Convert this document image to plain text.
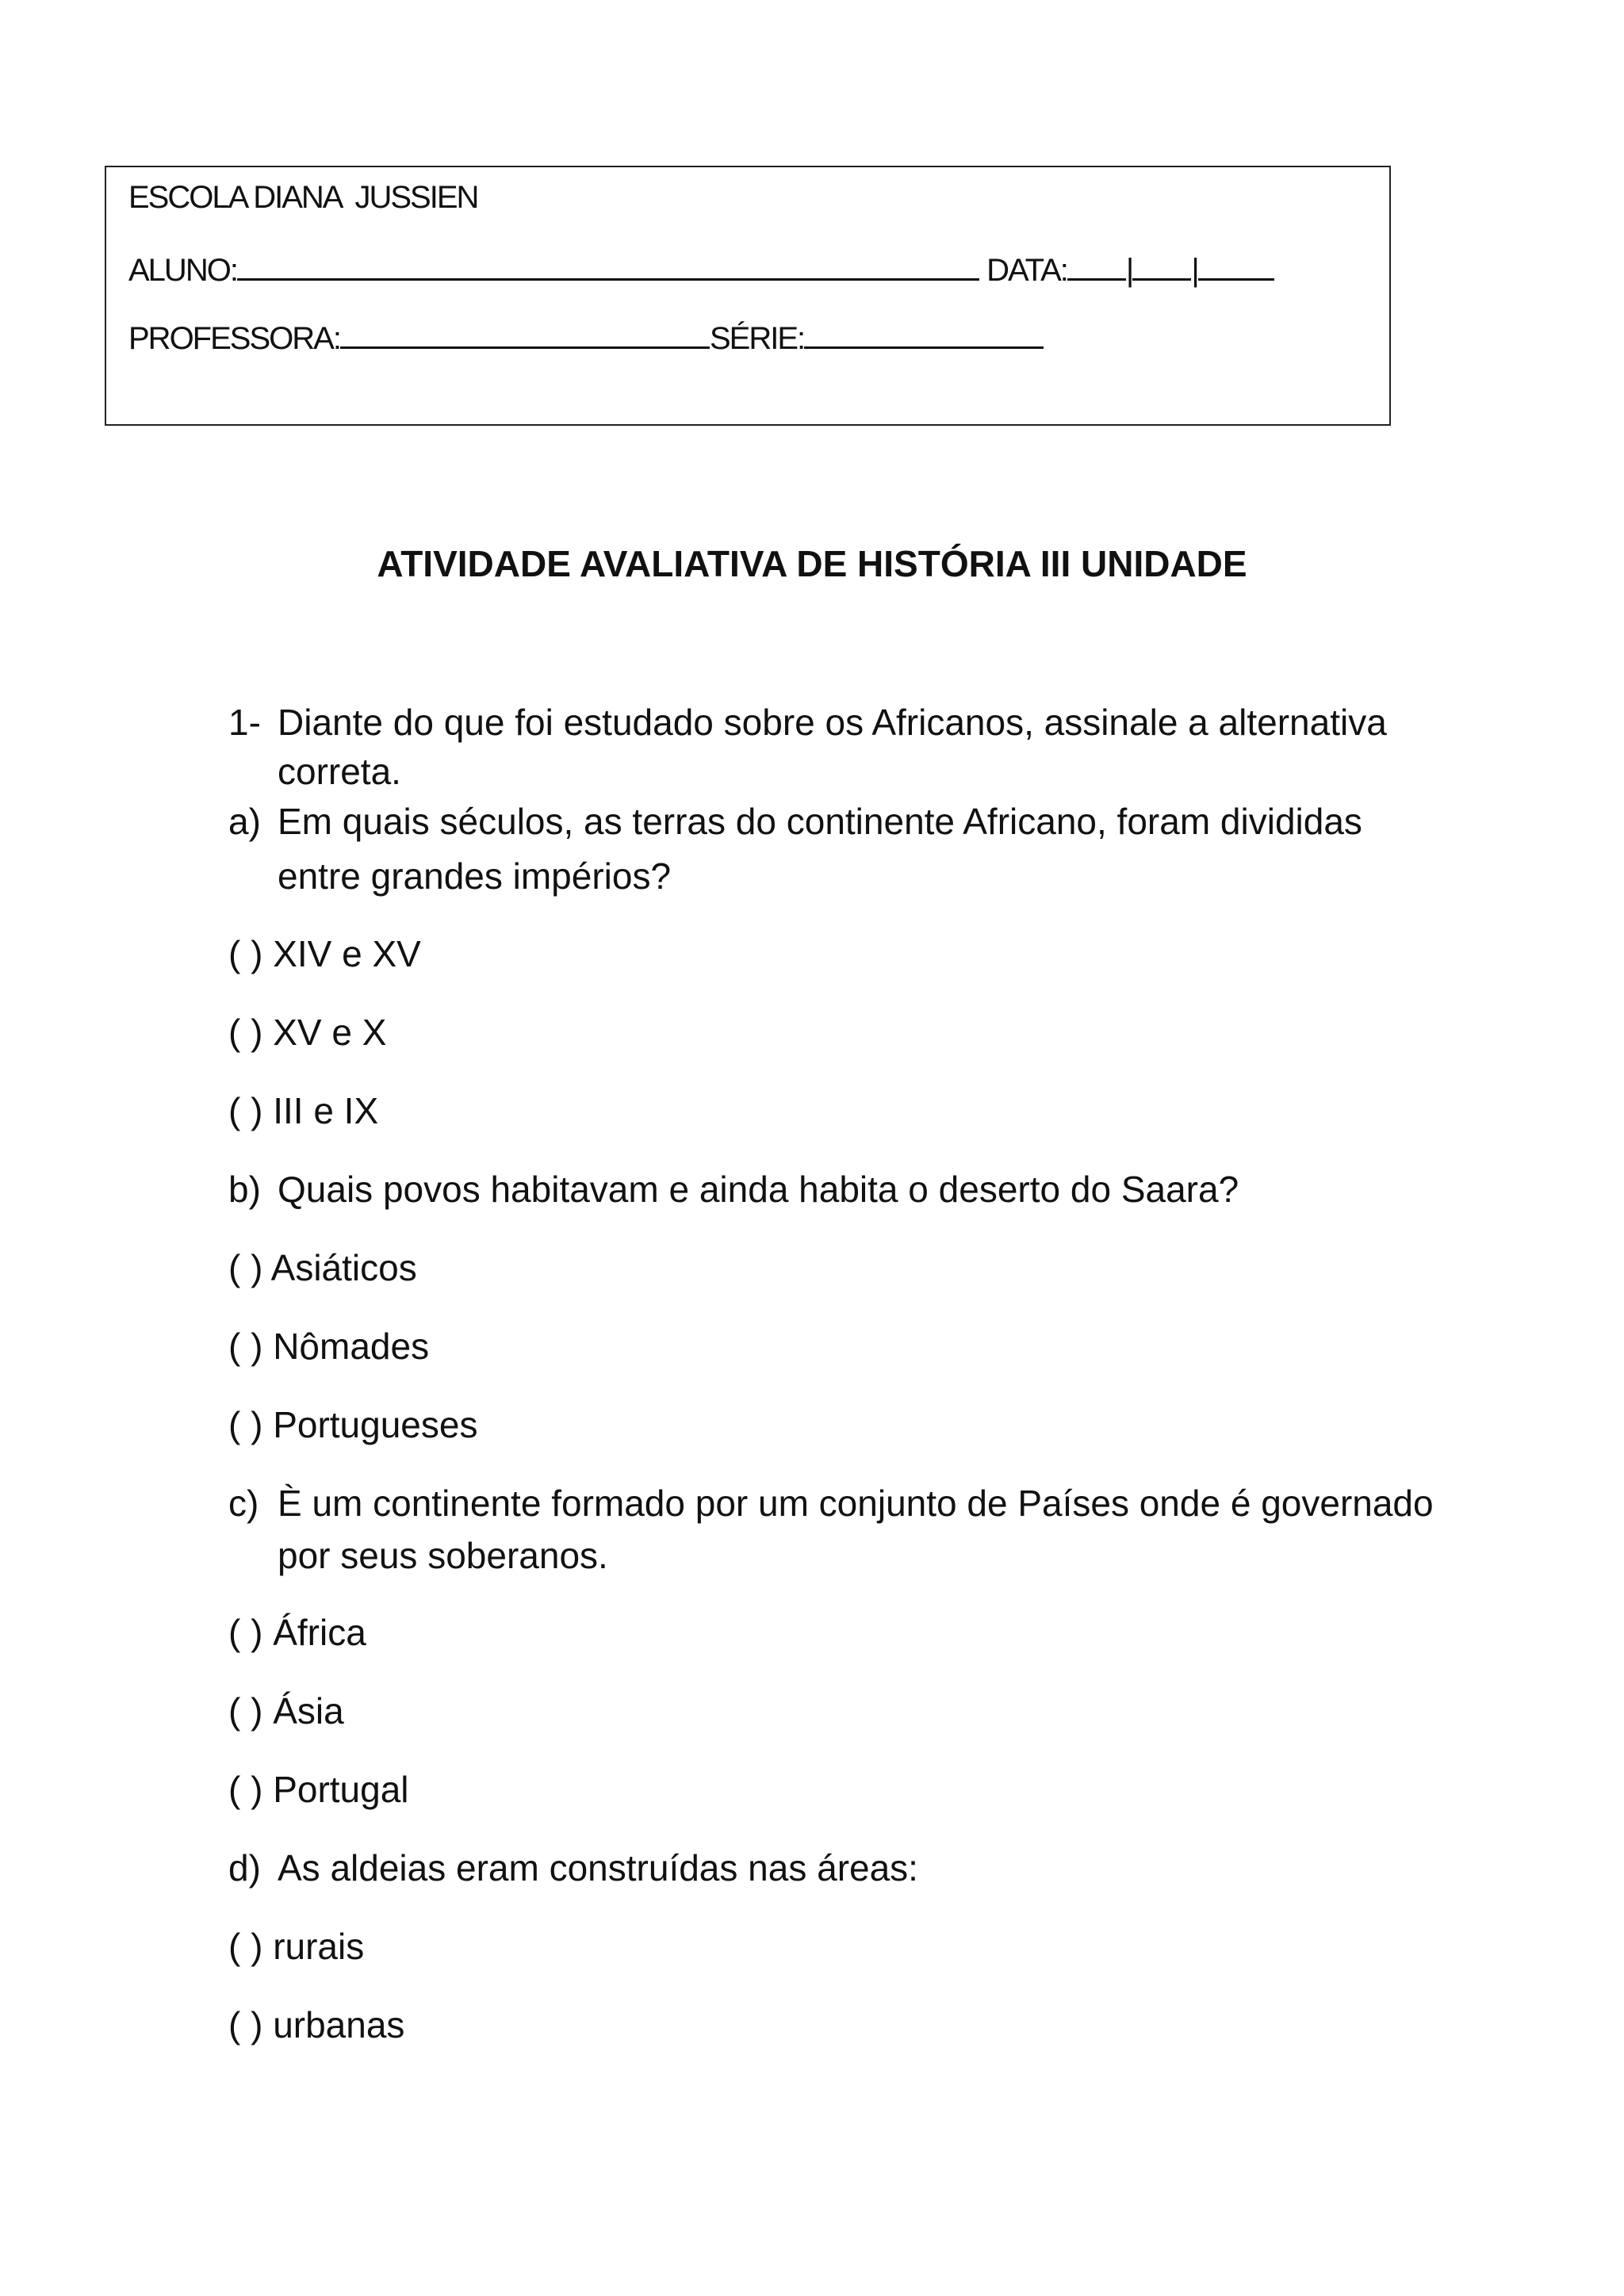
ESCOLA DIANA  JUSSIEN
ALUNO:	DATA: | |
PROFESSORA:	SÉRIE:
ATIVIDADE AVALIATIVA DE HISTÓRIA III UNIDADE
1- Diante do que foi estudado sobre os Africanos, assinale a alternativa
correta.
a) Em quais séculos, as terras do continente Africano, foram divididas
entre grandes impérios?
( ) XIV e XV
( ) XV e X
( ) III e IX
b) Quais povos habitavam e ainda habita o deserto do Saara?
( ) Asiáticos
( ) Nômades
( ) Portugueses
c) È um continente formado por um conjunto de Países onde é governado
por seus soberanos.
( ) África
( ) Ásia
( ) Portugal
d) As aldeias eram construídas nas áreas:
( ) rurais
( ) urbanas
